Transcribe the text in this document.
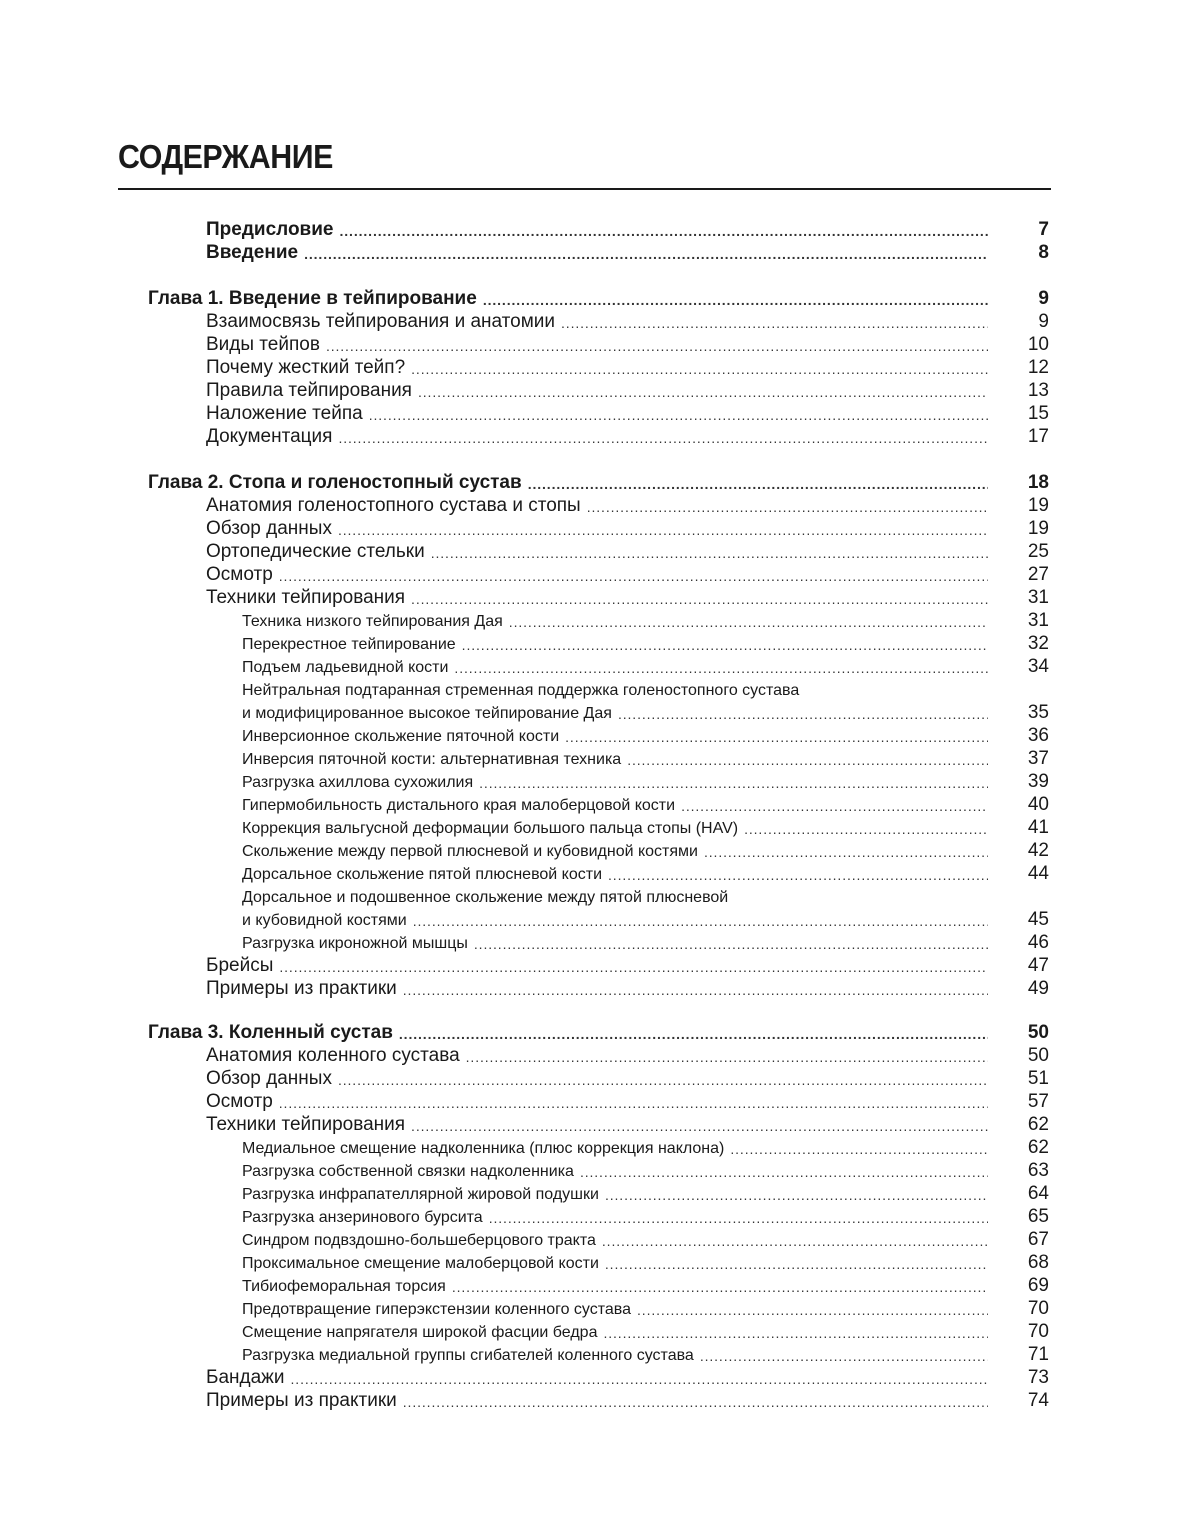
СОДЕРЖАНИЕ
Предисловие . . .	7
Введение . . .	8
Глава 1. Введение в тейпирование . . .	9
Взаимосвязь тейпирования и анатомии . . .	9
Виды тейпов . . .	10
Почему жесткий тейп? . . .	12
Правила тейпирования . . .	13
Наложение тейпа . . .	15
Документация . . .	17
Глава 2. Стопа и голеностопный сустав . . .	18
Анатомия голеностопного сустава и стопы . . .	19
Обзор данных . . .	19
Ортопедические стельки . . .	25
Осмотр . . .	27
Техники тейпирования . . .	31
Техника низкого тейпирования Дая . . .	31
Перекрестное тейпирование . . .	32
Подъем ладьевидной кости . . .	34
Нейтральная подтаранная стременная поддержка голеностопного сустава
и модифицированное высокое тейпирование Дая . . .	35
Инверсионное скольжение пяточной кости . . .	36
Инверсия пяточной кости: альтернативная техника . . .	37
Разгрузка ахиллова сухожилия . . .	39
Гипермобильность дистального края малоберцовой кости . . .	40
Коррекция вальгусной деформации большого пальца стопы (HAV) . . .	41
Скольжение между первой плюсневой и кубовидной костями . . .	42
Дорсальное скольжение пятой плюсневой кости . . .	44
Дорсальное и подошвенное скольжение между пятой плюсневой
и кубовидной костями . . .	45
Разгрузка икроножной мышцы . . .	46
Брейсы . . .	47
Примеры из практики . . .	49
Глава 3. Коленный сустав . . .	50
Анатомия коленного сустава . . .	50
Обзор данных . . .	51
Осмотр . . .	57
Техники тейпирования . . .	62
Медиальное смещение надколенника (плюс коррекция наклона) . . .	62
Разгрузка собственной связки надколенника . . .	63
Разгрузка инфрапателлярной жировой подушки . . .	64
Разгрузка анзеринового бурсита . . .	65
Синдром подвздошно-большеберцового тракта . . .	67
Проксимальное смещение малоберцовой кости . . .	68
Тибиофеморальная торсия . . .	69
Предотвращение гиперэкстензии коленного сустава . . .	70
Смещение напрягателя широкой фасции бедра . . .	70
Разгрузка медиальной группы сгибателей коленного сустава . . .	71
Бандажи . . .	73
Примеры из практики . . .	74
